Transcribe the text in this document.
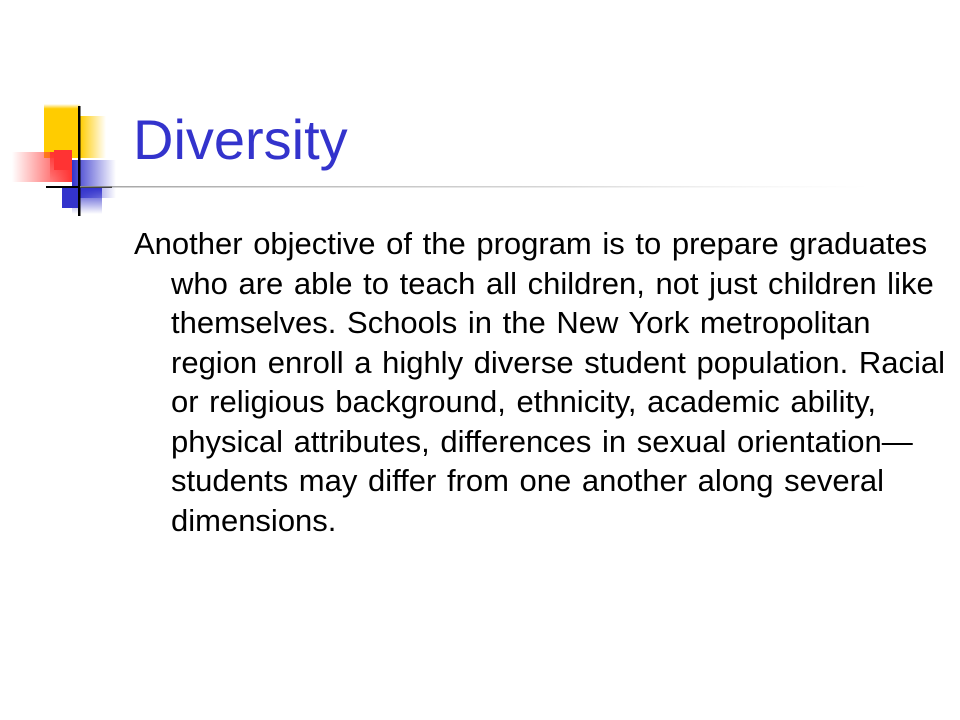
Diversity

Another objective of the program is to prepare graduates who are able to teach all children, not just children like themselves. Schools in the New York metropolitan region enroll a highly diverse student population. Racial or religious background, ethnicity, academic ability, physical attributes, differences in sexual orientation—students may differ from one another along several dimensions.
